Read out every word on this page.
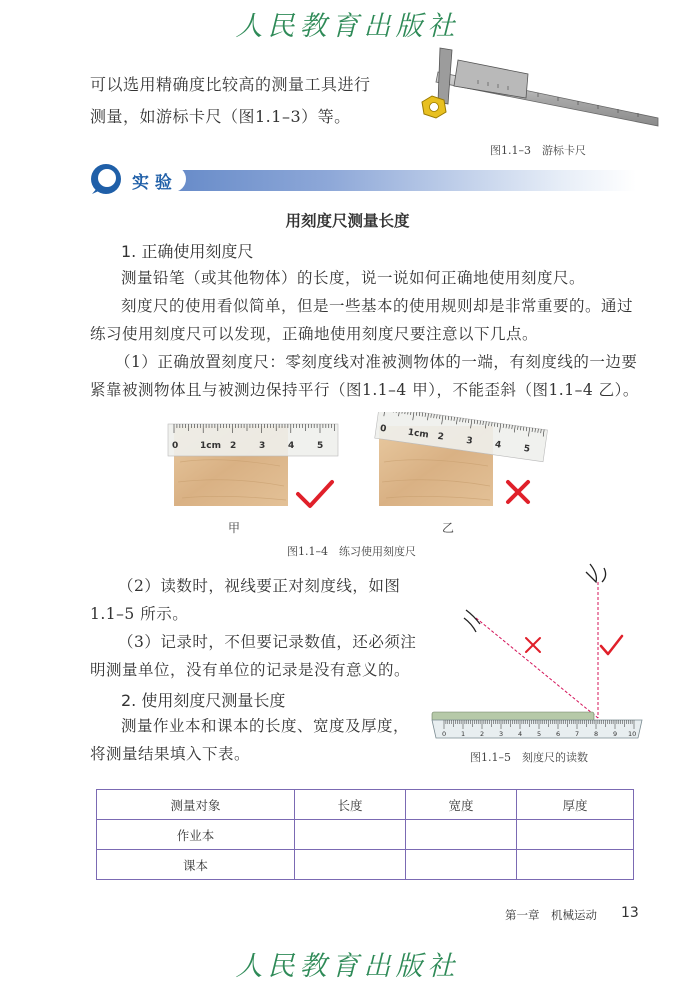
人民教育出版社
可以选用精确度比较高的测量工具进行
测量，如游标卡尺（图1.1–3）等。
图1.1–3　游标卡尺
实 验
用刻度尺测量长度
1. 正确使用刻度尺
测量铅笔（或其他物体）的长度，说一说如何正确地使用刻度尺。
刻度尺的使用看似简单，但是一些基本的使用规则却是非常重要的。通过
练习使用刻度尺可以发现，正确地使用刻度尺要注意以下几点。
（1）正确放置刻度尺：零刻度线对准被测物体的一端，有刻度线的一边要
紧靠被测物体且与被测边保持平行（图1.1–4 甲），不能歪斜（图1.1–4 乙）。
0 1cm 2	3	4	5
0 1cm 2 3 4 5
甲	乙
图1.1–4　练习使用刻度尺
（2）读数时，视线要正对刻度线，如图
1.1–5 所示。
（3）记录时，不但要记录数值，还必须注
明测量单位，没有单位的记录是没有意义的。
2. 使用刻度尺测量长度
测量作业本和课本的长度、宽度及厚度，
将测量结果填入下表。
0 1 2 3 4 5 6 7 8 9 10
图1.1–5　刻度尺的读数
测量对象	长度	宽度	厚度
作业本			
课本			
第一章　机械运动 13
人民教育出版社
